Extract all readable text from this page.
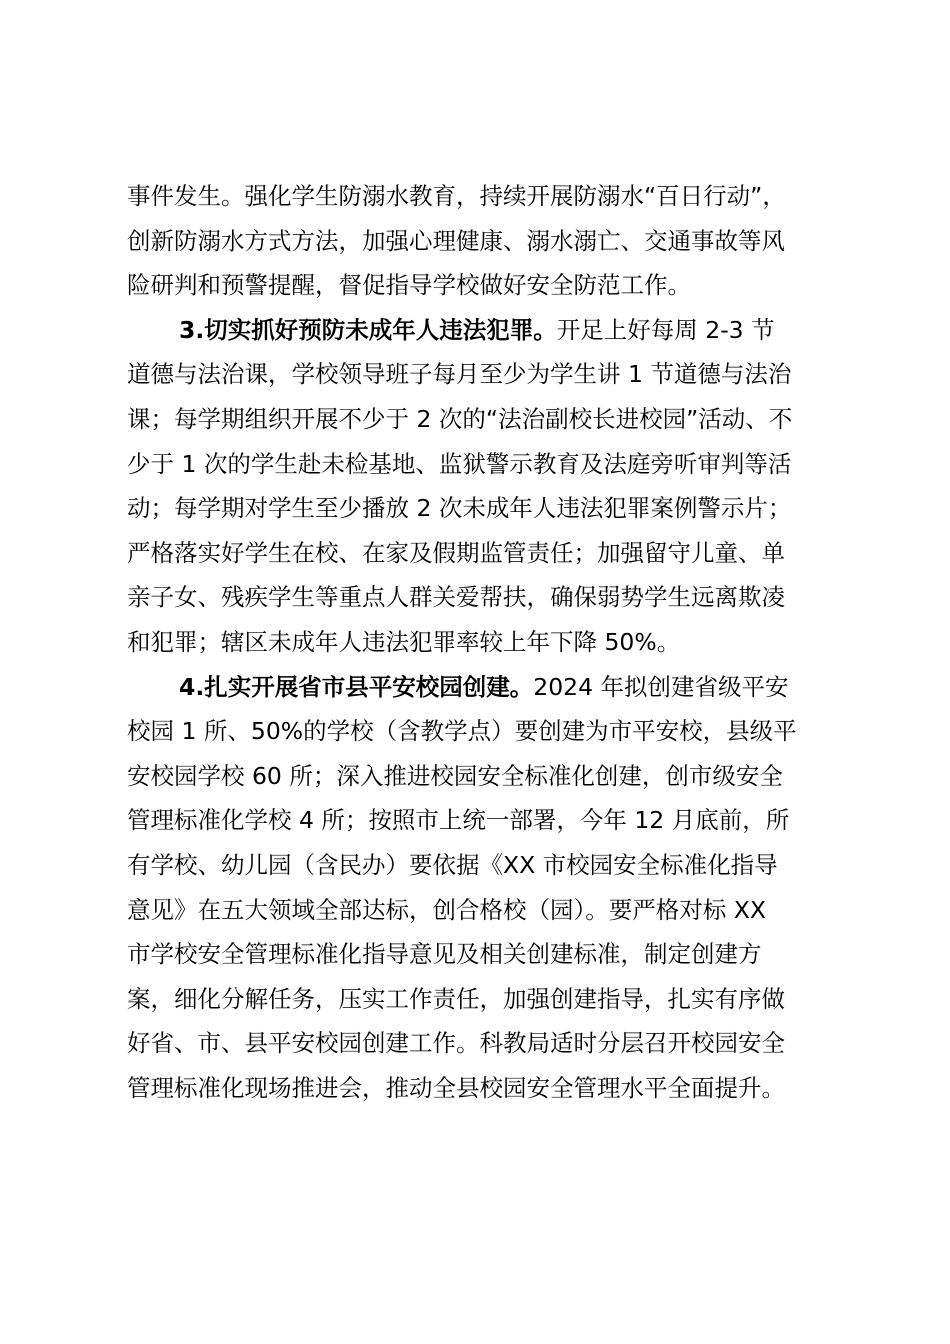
事件发生。强化学生防溺水教育，持续开展防溺水“百日行动”，
创新防溺水方式方法，加强心理健康、溺水溺亡、交通事故等风
险研判和预警提醒，督促指导学校做好安全防范工作。
3.切实抓好预防未成年人违法犯罪。开足上好每周 2-3 节
道德与法治课，学校领导班子每月至少为学生讲 1 节道德与法治
课；每学期组织开展不少于 2 次的“法治副校长进校园”活动、不
少于 1 次的学生赴未检基地、监狱警示教育及法庭旁听审判等活
动；每学期对学生至少播放 2 次未成年人违法犯罪案例警示片；
严格落实好学生在校、在家及假期监管责任；加强留守儿童、单
亲子女、残疾学生等重点人群关爱帮扶，确保弱势学生远离欺凌
和犯罪；辖区未成年人违法犯罪率较上年下降 50%。
4.扎实开展省市县平安校园创建。2024 年拟创建省级平安
校园 1 所、50%的学校（含教学点）要创建为市平安校，县级平
安校园学校 60 所；深入推进校园安全标准化创建，创市级安全
管理标准化学校 4 所；按照市上统一部署，今年 12 月底前，所
有学校、幼儿园（含民办）要依据《XX 市校园安全标准化指导
意见》在五大领域全部达标，创合格校（园）。要严格对标 XX
市学校安全管理标准化指导意见及相关创建标准，制定创建方
案，细化分解任务，压实工作责任，加强创建指导，扎实有序做
好省、市、县平安校园创建工作。科教局适时分层召开校园安全
管理标准化现场推进会，推动全县校园安全管理水平全面提升。
